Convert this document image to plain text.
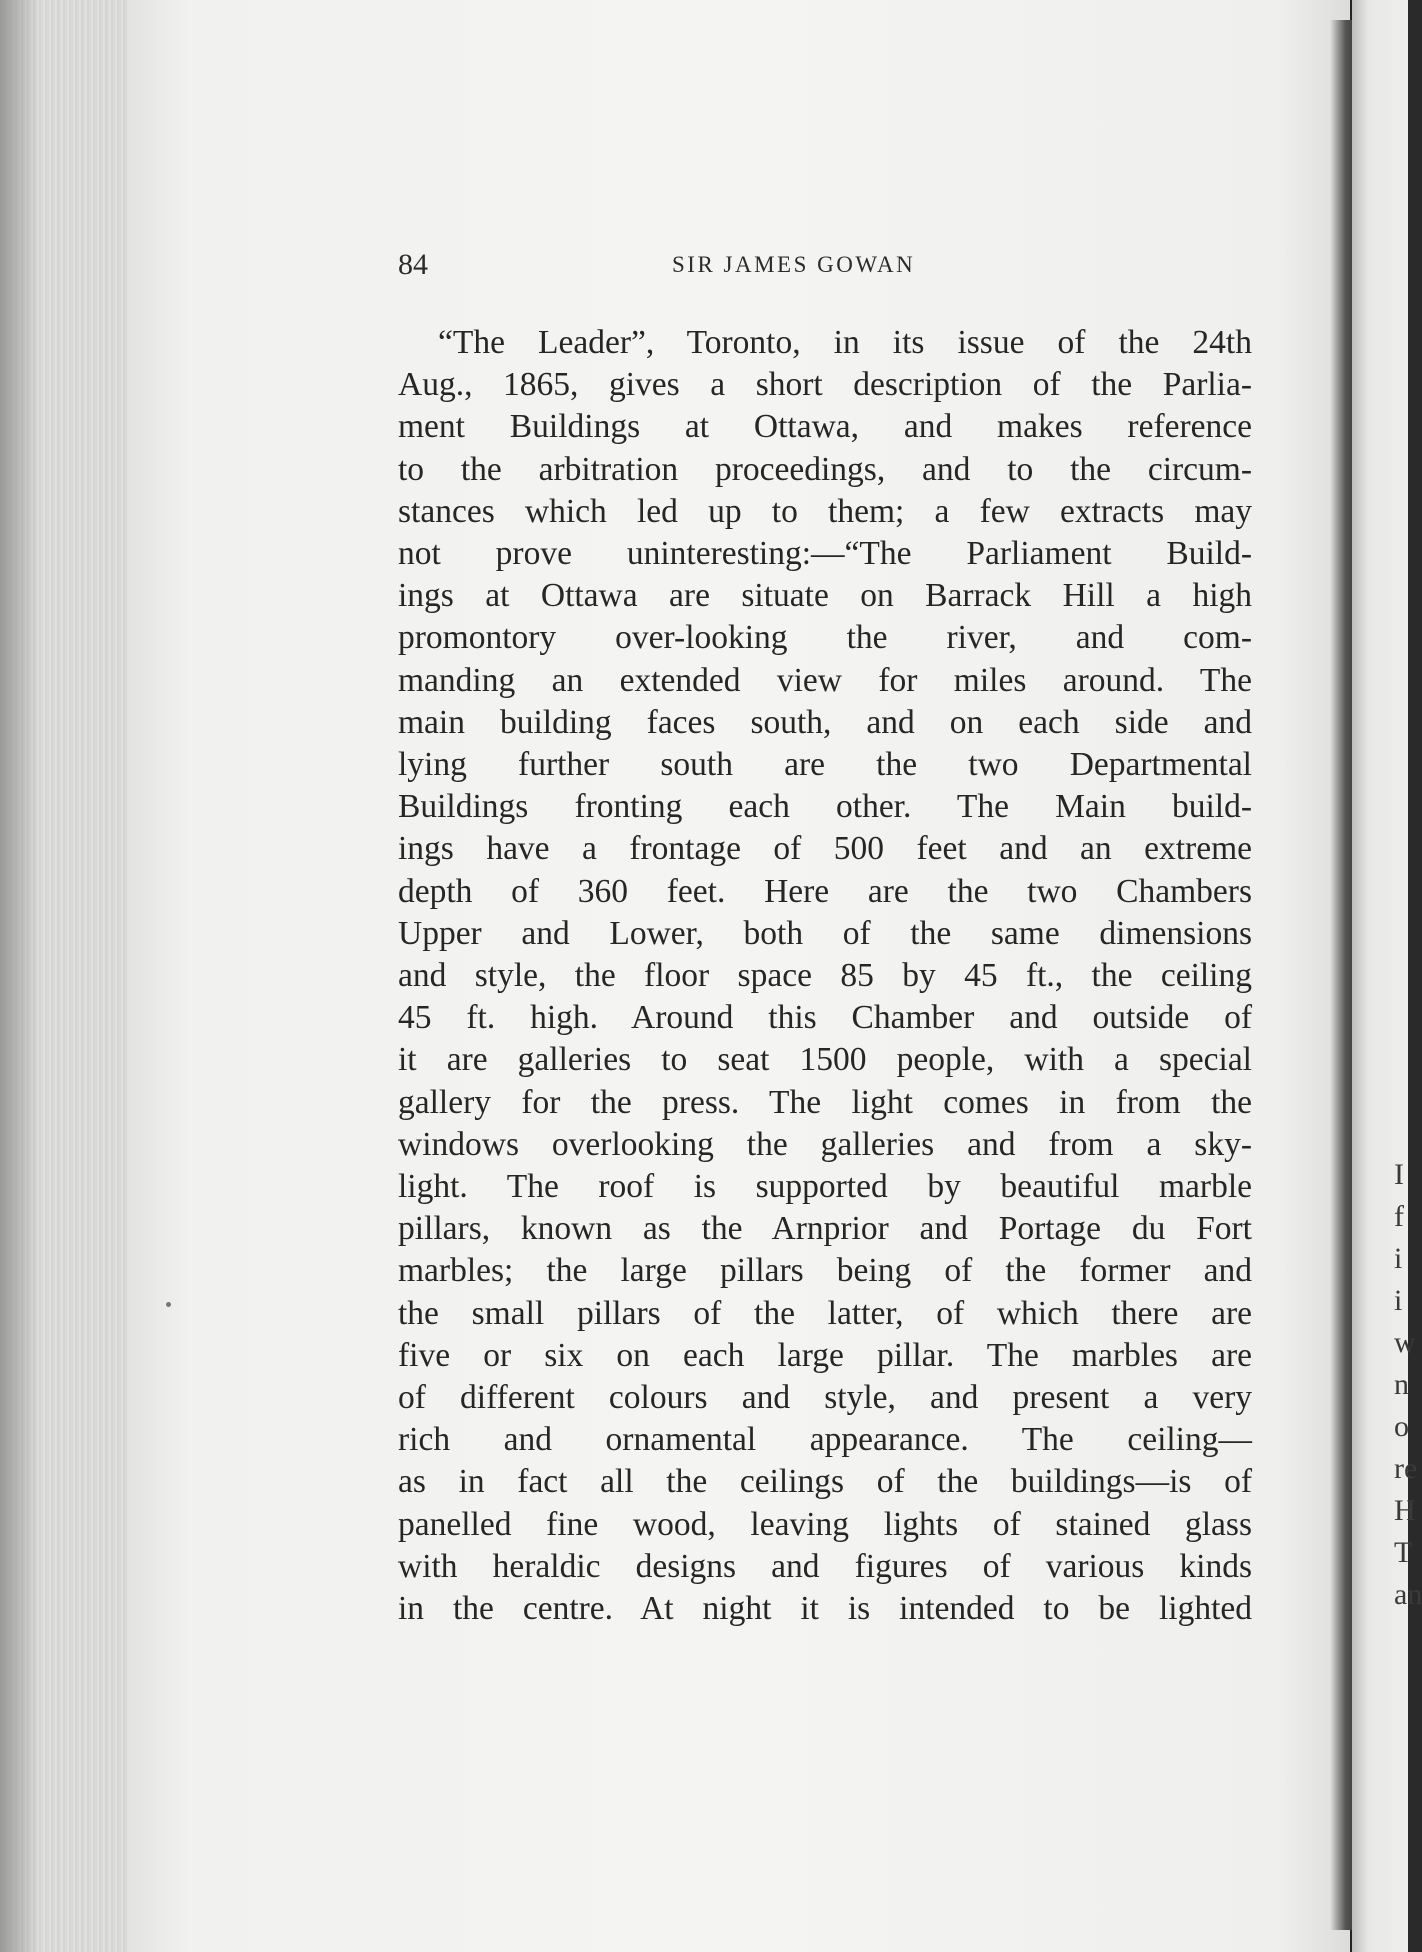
84	SIR JAMES GOWAN

“The Leader”, Toronto, in its issue of the 24th
Aug., 1865, gives a short description of the Parlia-
ment Buildings at Ottawa, and makes reference
to the arbitration proceedings, and to the circum-
stances which led up to them; a few extracts may
not prove uninteresting:—“The Parliament Build-
ings at Ottawa are situate on Barrack Hill a high
promontory over-looking the river, and com-
manding an extended view for miles around. The
main building faces south, and on each side and
lying further south are the two Departmental
Buildings fronting each other. The Main build-
ings have a frontage of 500 feet and an extreme
depth of 360 feet. Here are the two Chambers
Upper and Lower, both of the same dimensions
and style, the floor space 85 by 45 ft., the ceiling
45 ft. high. Around this Chamber and outside of
it are galleries to seat 1500 people, with a special
gallery for the press. The light comes in from the
windows overlooking the galleries and from a sky-
light. The roof is supported by beautiful marble
pillars, known as the Arnprior and Portage du Fort
marbles; the large pillars being of the former and
the small pillars of the latter, of which there are
five or six on each large pillar. The marbles are
of different colours and style, and present a very
rich and ornamental appearance. The ceiling—
as in fact all the ceilings of the buildings—is of
panelled fine wood, leaving lights of stained glass
with heraldic designs and figures of various kinds
in the centre. At night it is intended to be lighted

I
f
i
i
w
n
o
re
H
T
an
